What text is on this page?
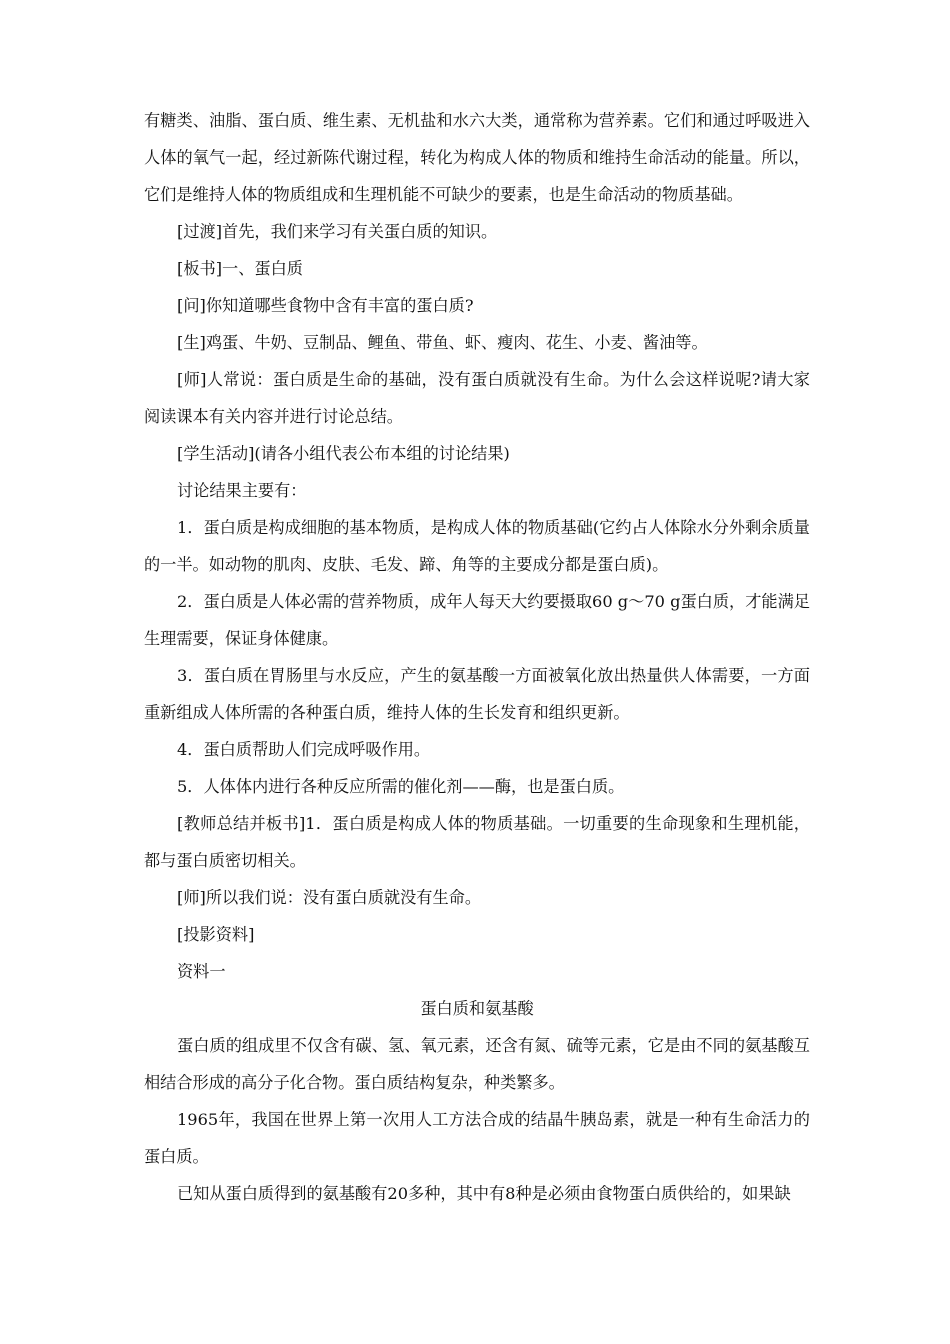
有糖类、油脂、蛋白质、维生素、无机盐和水六大类，通常称为营养素。它们和通过呼吸进入人体的氧气一起，经过新陈代谢过程，转化为构成人体的物质和维持生命活动的能量。所以，它们是维持人体的物质组成和生理机能不可缺少的要素，也是生命活动的物质基础。

[过渡]首先，我们来学习有关蛋白质的知识。

[板书]一、蛋白质

[问]你知道哪些食物中含有丰富的蛋白质?

[生]鸡蛋、牛奶、豆制品、鲤鱼、带鱼、虾、瘦肉、花生、小麦、酱油等。

[师]人常说：蛋白质是生命的基础，没有蛋白质就没有生命。为什么会这样说呢?请大家阅读课本有关内容并进行讨论总结。

[学生活动](请各小组代表公布本组的讨论结果)

讨论结果主要有：

1．蛋白质是构成细胞的基本物质，是构成人体的物质基础(它约占人体除水分外剩余质量的一半。如动物的肌肉、皮肤、毛发、蹄、角等的主要成分都是蛋白质)。

2．蛋白质是人体必需的营养物质，成年人每天大约要摄取60 g～70 g蛋白质，才能满足生理需要，保证身体健康。

3．蛋白质在胃肠里与水反应，产生的氨基酸一方面被氧化放出热量供人体需要，一方面重新组成人体所需的各种蛋白质，维持人体的生长发育和组织更新。

4．蛋白质帮助人们完成呼吸作用。

5．人体体内进行各种反应所需的催化剂——酶，也是蛋白质。

[教师总结并板书]1．蛋白质是构成人体的物质基础。一切重要的生命现象和生理机能，都与蛋白质密切相关。

[师]所以我们说：没有蛋白质就没有生命。

[投影资料]

资料一

蛋白质和氨基酸

蛋白质的组成里不仅含有碳、氢、氧元素，还含有氮、硫等元素，它是由不同的氨基酸互相结合形成的高分子化合物。蛋白质结构复杂，种类繁多。

1965年，我国在世界上第一次用人工方法合成的结晶牛胰岛素，就是一种有生命活力的蛋白质。

已知从蛋白质得到的氨基酸有20多种，其中有8种是必须由食物蛋白质供给的，如果缺
